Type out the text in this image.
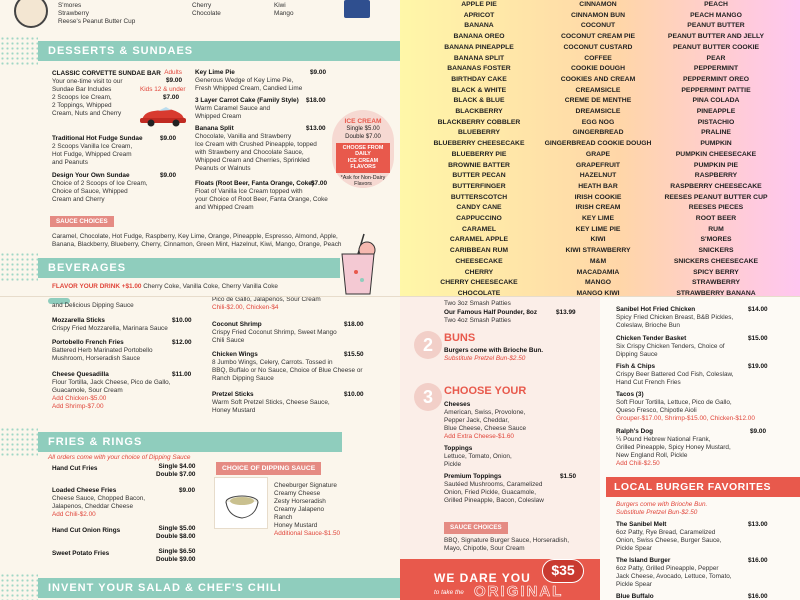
S'mores
Strawberry
Reese's Peanut Butter Cup
Cherry
Chocolate
Kiwi
Mango
DESSERTS & SUNDAES
CLASSIC CORVETTE SUNDAE BAR
Your one-time visit to our
Sundae Bar Includes
2 Scoops Ice Cream,
2 Toppings, Whipped
Cream, Nuts and Cherry
Adults
$9.00
Kids 12 & under
$7.00
Traditional Hot Fudge Sundae
2 Scoops Vanilla Ice Cream,
Hot Fudge, Whipped Cream
and Peanuts
$9.00
Design Your Own Sundae
Choice of 2 Scoops of Ice Cream,
Choice of Sauce, Whipped
Cream and Cherry
$9.00
Key Lime Pie
Generous Wedge of Key Lime Pie,
Fresh Whipped Cream, Candied Lime
$9.00
3 Layer Carrot Cake (Family Style)
Warm Caramel Sauce and
Whipped Cream
$18.00
Banana Split
Chocolate, Vanilla and Strawberry
Ice Cream with Crushed Pineapple, topped
with Strawberry and Chocolate Sauce,
Whipped Cream and Cherries, Sprinkled
Peanuts or Walnuts
$13.00
Floats (Root Beer, Fanta Orange, Coke)
Float of Vanilla Ice Cream topped with
your Choice of Root Beer, Fanta Orange, Coke
and Whipped Cream
$7.00
ICE CREAM
Single $5.00
Double $7.00
CHOOSE FROM
DAILY
ICE CREAM
FLAVORS
*Ask for Non-Dairy
Flavors
SAUCE CHOICES
Caramel, Chocolate, Hot Fudge, Raspberry, Key Lime, Orange, Pineapple, Espresso, Almond, Apple,
Banana, Blackberry, Blueberry, Cherry, Cinnamon, Green Mint, Hazelnut, Kiwi, Mango, Orange, Peach
BEVERAGES
FLAVOR YOUR DRINK +$1.00 Cherry Coke, Vanilla Coke, Cherry Vanilla Coke
APPLE PIE
APRICOT
BANANA
BANANA OREO
BANANA PINEAPPLE
BANANA SPLIT
BANANAS FOSTER
BIRTHDAY CAKE
BLACK & WHITE
BLACK & BLUE
BLACKBERRY
BLACKBERRY COBBLER
BLUEBERRY
BLUEBERRY CHEESECAKE
BLUEBERRY PIE
BROWNIE BATTER
BUTTER PECAN
BUTTERFINGER
BUTTERSCOTCH
CANDY CANE
CAPPUCCINO
CARAMEL
CARAMEL APPLE
CARIBBEAN RUM
CHEESECAKE
CHERRY
CHERRY CHEESECAKE
CHOCOLATE
CINNAMON
CINNAMON BUN
COCONUT
COCONUT CREAM PIE
COCONUT CUSTARD
COFFEE
COOKIE DOUGH
COOKIES AND CREAM
CREAMSICLE
CREME DE MENTHE
DREAMSICLE
EGG NOG
GINGERBREAD
GINGERBREAD COOKIE DOUGH
GRAPE
GRAPEFRUIT
HAZELNUT
HEATH BAR
IRISH COOKIE
IRISH CREAM
KEY LIME
KEY LIME PIE
KIWI
KIWI STRAWBERRY
M&M
MACADAMIA
MANGO
MANGO KIWI
PEACH
PEACH MANGO
PEANUT BUTTER
PEANUT BUTTER AND JELLY
PEANUT BUTTER COOKIE
PEAR
PEPPERMINT
PEPPERMINT OREO
PEPPERMINT PATTIE
PINA COLADA
PINEAPPLE
PISTACHIO
PRALINE
PUMPKIN
PUMPKIN CHEESECAKE
PUMPKIN PIE
RASPBERRY
RASPBERRY CHEESECAKE
REESES PEANUT BUTTER CUP
REESES PIECES
ROOT BEER
RUM
S'MORES
SNICKERS
SNICKERS CHEESECAKE
SPICY BERRY
STRAWBERRY
STRAWBERRY BANANA
and Delicious Dipping Sauce
Pico de Gallo, Jalapenos, Sour Cream
Chili-$2.00, Chicken-$4
Mozzarella Sticks
Crispy Fried Mozzarella, Marinara Sauce
$10.00
Portobello French Fries
Battered Herb Marinated Portobello
Mushroom, Horseradish Sauce
$12.00
Cheese Quesadilla
Flour Tortilla, Jack Cheese, Pico de Gallo,
Guacamole, Sour Cream
Add Chicken-$5.00
Add Shrimp-$7.00
$11.00
Coconut Shrimp
Crispy Fried Coconut Shrimp, Sweet Mango
Chili Sauce
$18.00
Chicken Wings
8 Jumbo Wings, Celery, Carrots. Tossed in
BBQ, Buffalo or No Sauce, Choice of Blue Cheese or
Ranch Dipping Sauce
$15.50
Pretzel Sticks
Warm Soft Pretzel Sticks, Cheese Sauce,
Honey Mustard
$10.00
FRIES & RINGS
All orders come with your choice of Dipping Sauce
Hand Cut Fries	Single $4.00
Double $7.00
Loaded Cheese Fries
Cheese Sauce, Chopped Bacon,
Jalapenos, Cheddar Cheese
Add Chili-$2.00
$9.00
Hand Cut Onion Rings	Single $5.00
Double $8.00
Sweet Potato Fries	Single $6.50
Double $9.00
CHOICE OF DIPPING SAUCE
Cheeburger Signature
Creamy Cheese
Zesty Horseradish
Creamy Jalapeno
Ranch
Honey Mustard
Additional Sauce-$1.50
INVENT YOUR SALAD & CHEF'S CHILI
Two 3oz Smash Patties
Our Famous Half Pounder, 8oz
Two 4oz Smash Patties
$13.99
2	BUNS
Burgers come with Brioche Bun.
Substitute Pretzel Bun-$2.50
3	CHOOSE YOUR
Cheeses
American, Swiss, Provolone,
Pepper Jack, Cheddar,
Blue Cheese, Cheese Sauce
Add Extra Cheese-$1.60
Toppings
Lettuce, Tomato, Onion,
Pickle
Premium Toppings
Sautéed Mushrooms, Caramelized
Onion, Fried Pickle, Guacamole,
Grilled Pineapple, Bacon, Coleslaw
$1.50
SAUCE CHOICES
BBQ, Signature Burger Sauce, Horseradish,
Mayo, Chipotle, Sour Cream
WE DARE YOU	$35
to take the ORIGINAL
Sanibel Hot Fried Chicken
Spicy Fried Chicken Breast, B&B Pickles,
Coleslaw, Brioche Bun
$14.00
Chicken Tender Basket
Six Crispy Chicken Tenders, Choice of
Dipping Sauce
$15.00
Fish & Chips
Crispy Beer Battered Cod Fish, Coleslaw,
Hand Cut French Fries
$19.00
Tacos (3)
Soft Flour Tortilla, Lettuce, Pico de Gallo,
Queso Fresco, Chipotle Aioli
Grouper-$17.00, Shrimp-$15.00, Chicken-$12.00
Ralph's Dog
¼ Pound Hebrew National Frank,
Grilled Pineapple, Spicy Honey Mustard,
New England Roll, Pickle
Add Chili-$2.50
$9.00
LOCAL BURGER FAVORITES
Burgers come with Brioche Bun.
Substitute Pretzel Bun-$2.50
The Sanibel Melt
6oz Patty, Rye Bread, Caramelized
Onion, Swiss Cheese, Burger Sauce,
Pickle Spear
$13.00
The Island Burger
6oz Patty, Grilled Pineapple, Pepper
Jack Cheese, Avocado, Lettuce, Tomato,
Pickle Spear
$16.00
Blue Buffalo	$16.00
